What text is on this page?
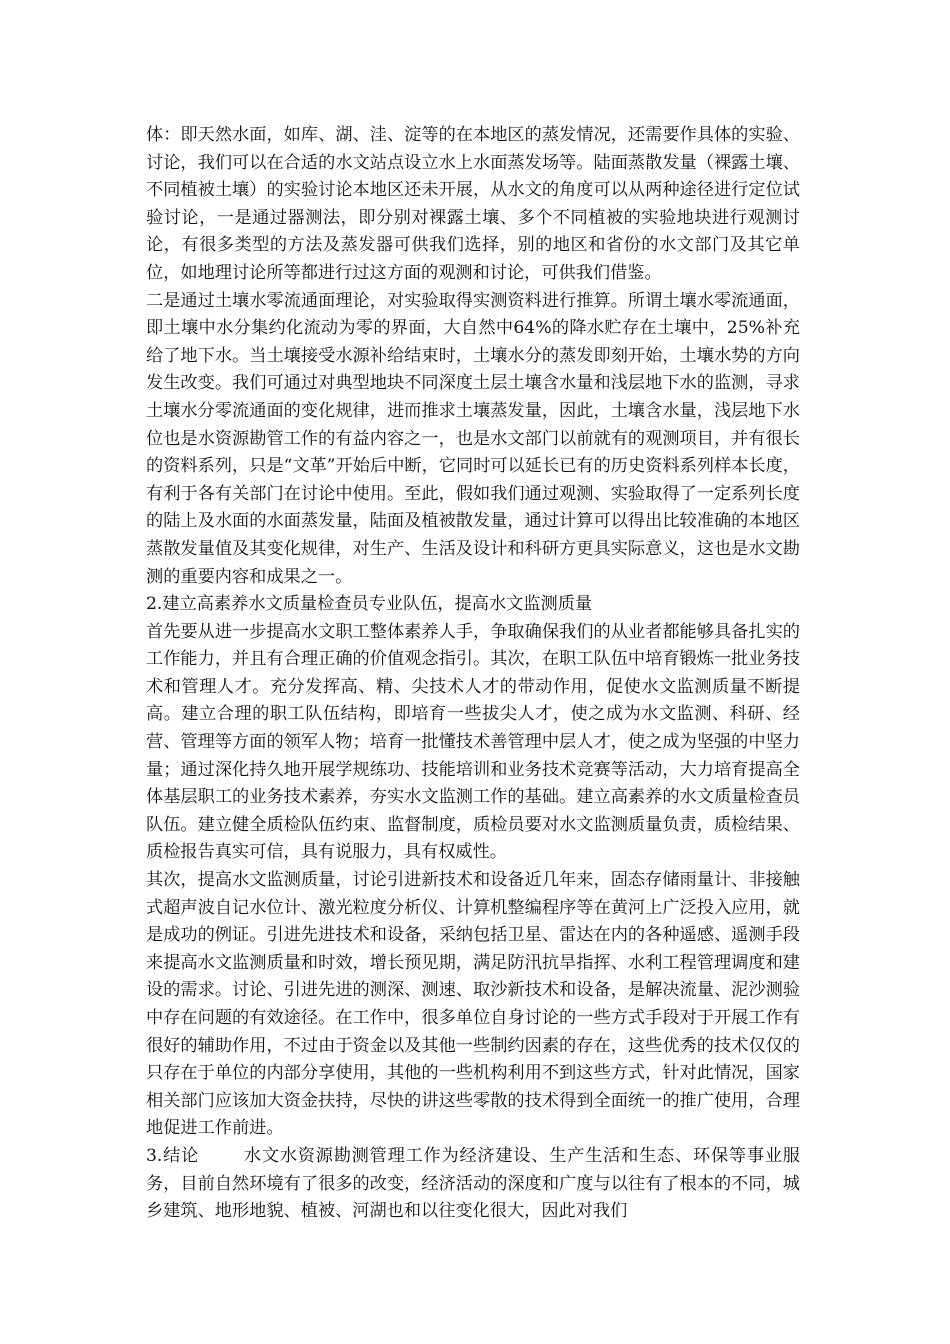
体：即天然水面，如库、湖、洼、淀等的在本地区的蒸发情况，还需要作具体的实验、讨论，我们可以在合适的水文站点设立水上水面蒸发场等。陆面蒸散发量（裸露土壤、不同植被土壤）的实验讨论本地区还未开展，从水文的角度可以从两种途径进行定位试验讨论，一是通过器测法，即分别对裸露土壤、多个不同植被的实验地块进行观测讨论，有很多类型的方法及蒸发器可供我们选择，别的地区和省份的水文部门及其它单位，如地理讨论所等都进行过这方面的观测和讨论，可供我们借鉴。

二是通过土壤水零流通面理论，对实验取得实测资料进行推算。所谓土壤水零流通面，即土壤中水分集约化流动为零的界面，大自然中64%的降水贮存在土壤中，25%补充给了地下水。当土壤接受水源补给结束时，土壤水分的蒸发即刻开始，土壤水势的方向发生改变。我们可通过对典型地块不同深度土层土壤含水量和浅层地下水的监测，寻求土壤水分零流通面的变化规律，进而推求土壤蒸发量，因此，土壤含水量，浅层地下水位也是水资源勘管工作的有益内容之一，也是水文部门以前就有的观测项目，并有很长的资料系列，只是“文革”开始后中断，它同时可以延长已有的历史资料系列样本长度，有利于各有关部门在讨论中使用。至此，假如我们通过观测、实验取得了一定系列长度的陆上及水面的水面蒸发量，陆面及植被散发量，通过计算可以得出比较准确的本地区蒸散发量值及其变化规律，对生产、生活及设计和科研方更具实际意义，这也是水文勘测的重要内容和成果之一。

2.建立高素养水文质量检查员专业队伍，提高水文监测质量

首先要从进一步提高水文职工整体素养人手，争取确保我们的从业者都能够具备扎实的工作能力，并且有合理正确的价值观念指引。其次，在职工队伍中培育锻炼一批业务技术和管理人才。充分发挥高、精、尖技术人才的带动作用，促使水文监测质量不断提高。建立合理的职工队伍结构，即培育一些拔尖人才，使之成为水文监测、科研、经营、管理等方面的领军人物；培育一批懂技术善管理中层人才，使之成为坚强的中坚力量；通过深化持久地开展学规练功、技能培训和业务技术竞赛等活动，大力培育提高全体基层职工的业务技术素养，夯实水文监测工作的基础。建立高素养的水文质量检查员队伍。建立健全质检队伍约束、监督制度，质检员要对水文监测质量负责，质检结果、质检报告真实可信，具有说服力，具有权威性。

其次，提高水文监测质量，讨论引进新技术和设备近几年来，固态存储雨量计、非接触式超声波自记水位计、激光粒度分析仪、计算机整编程序等在黄河上广泛投入应用，就是成功的例证。引进先进技术和设备，采纳包括卫星、雷达在内的各种遥感、遥测手段来提高水文监测质量和时效，增长预见期，满足防汛抗旱指挥、水利工程管理调度和建设的需求。讨论、引进先进的测深、测速、取沙新技术和设备，是解决流量、泥沙测验中存在问题的有效途径。在工作中，很多单位自身讨论的一些方式手段对于开展工作有很好的辅助作用，不过由于资金以及其他一些制约因素的存在，这些优秀的技术仅仅的只存在于单位的内部分享使用，其他的一些机构利用不到这些方式，针对此情况，国家相关部门应该加大资金扶持，尽快的讲这些零散的技术得到全面统一的推广使用，合理地促进工作前进。

3.结论	水文水资源勘测管理工作为经济建设、生产生活和生态、环保等事业服务，目前自然环境有了很多的改变，经济活动的深度和广度与以往有了根本的不同，城乡建筑、地形地貌、植被、河湖也和以往变化很大，因此对我们
